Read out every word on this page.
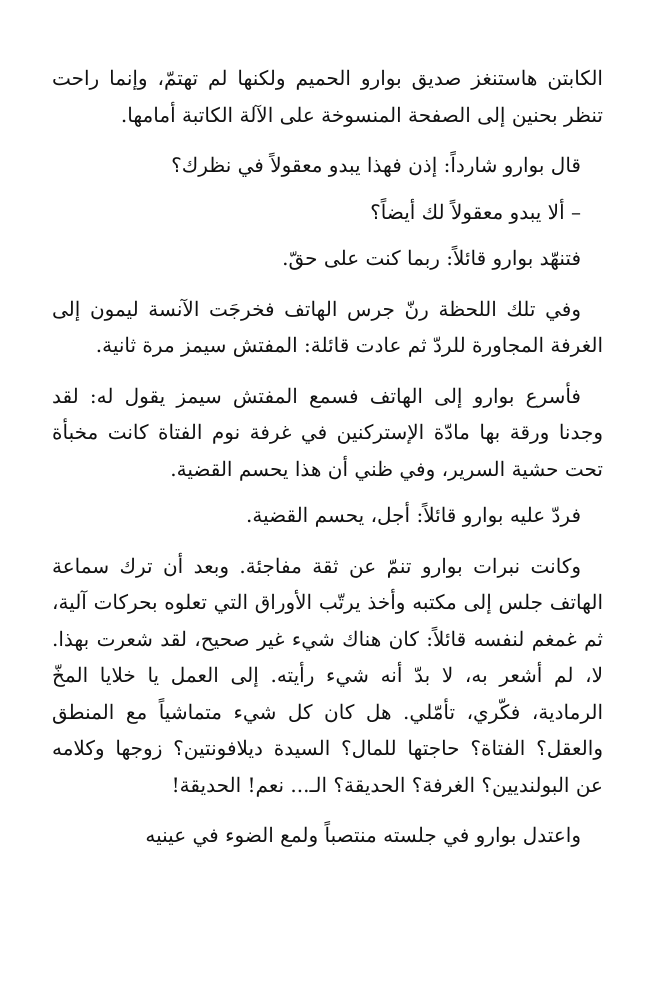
الكابتن هاستنغز صديق بوارو الحميم ولكنها لم تهتمّ، وإنما راحت تنظر بحنين إلى الصفحة المنسوخة على الآلة الكاتبة أمامها.

قال بوارو شارداً: إذن فهذا يبدو معقولاً في نظرك؟

– ألا يبدو معقولاً لك أيضاً؟

فتنهّد بوارو قائلاً: ربما كنت على حقّ.

وفي تلك اللحظة رنّ جرس الهاتف فخرجَت الآنسة ليمون إلى الغرفة المجاورة للردّ ثم عادت قائلة: المفتش سيمز مرة ثانية.

فأسرع بوارو إلى الهاتف فسمع المفتش سيمز يقول له: لقد وجدنا ورقة بها مادّة الإستركنين في غرفة نوم الفتاة كانت مخبأة تحت حشية السرير، وفي ظني أن هذا يحسم القضية.

فردّ عليه بوارو قائلاً: أجل، يحسم القضية.

وكانت نبرات بوارو تنمّ عن ثقة مفاجئة. وبعد أن ترك سماعة الهاتف جلس إلى مكتبه وأخذ يرتّب الأوراق التي تعلوه بحركات آلية، ثم غمغم لنفسه قائلاً: كان هناك شيء غير صحيح، لقد شعرت بهذا. لا، لم أشعر به، لا بدّ أنه شيء رأيته. إلى العمل يا خلايا المخّ الرمادية، فكّري، تأمّلي. هل كان كل شيء متماشياً مع المنطق والعقل؟ الفتاة؟ حاجتها للمال؟ السيدة ديلافونتين؟ زوجها وكلامه عن البولنديين؟ الغرفة؟ الحديقة؟ الـ... نعم! الحديقة!

واعتدل بوارو في جلسته منتصباً ولمع الضوء في عينيه
